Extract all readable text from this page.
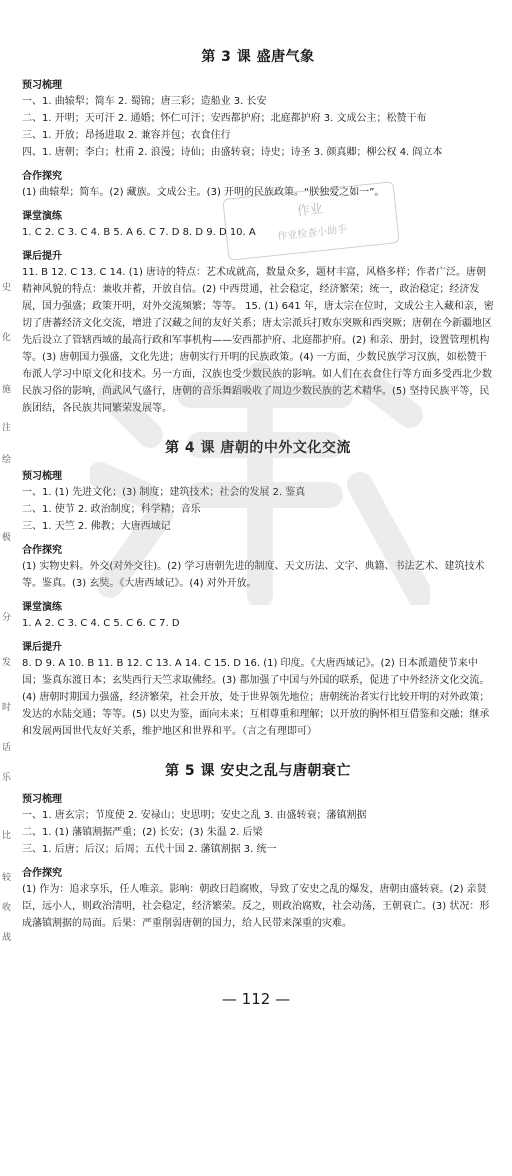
第 3 课 盛唐气象
预习梳理

一、1. 曲辕犁；简车 2. 蜀锦；唐三彩；造船业 3. 长安

二、1. 开明；天可汗 2. 通婚；怀仁可汗；安西都护府；北庭都护府 3. 文成公主；松赞干布

三、1. 开放；昂扬进取 2. 兼容并包；衣食住行

四、1. 唐朝；李白；杜甫 2. 浪漫；诗仙；由盛转衰；诗史；诗圣 3. 颜真卿；柳公权 4. 阎立本

合作探究

(1) 曲辕犁；简车。(2) 藏族。文成公主。(3) 开明的民族政策。“朕独爱之如一”。

课堂演练

1. C 2. C 3. C 4. B 5. A 6. C 7. D 8. D 9. D 10. A

课后提升

11. B 12. C 13. C 14. (1) 唐诗的特点：艺术成就高，数量众多，题材丰富，风格多样；作者广泛。唐朝精神风貌的特点：兼收并蓄，开放自信。(2) 中西贯通，社会稳定，经济繁荣；统一，政治稳定；经济发展，国力强盛；政策开明，对外交流频繁；等等。 15. (1) 641 年，唐太宗在位时，文成公主入藏和亲，密切了唐蕃经济文化交流，增进了汉藏之间的友好关系；唐太宗派兵打败东突厥和西突厥；唐朝在今新疆地区先后设立了管辖西域的最高行政和军事机构——安西都护府、北庭都护府。(2) 和亲、册封，设置管理机构等。(3) 唐朝国力强盛，文化先进；唐朝实行开明的民族政策。(4) 一方面，少数民族学习汉族，如松赞干布派人学习中原文化和技术。另一方面，汉族也受少数民族的影响。如人们在衣食住行等方面多受西北少数民族习俗的影响，尚武风气盛行，唐朝的音乐舞蹈吸收了周边少数民族的艺术精华。(5) 坚持民族平等，民族团结，各民族共同繁荣发展等。

第 4 课 唐朝的中外文化交流
预习梳理

一、1. (1) 先进文化；(3) 制度；建筑技术；社会的发展 2. 鉴真

二、1. 使节 2. 政治制度；科学精；音乐

三、1. 天竺 2. 佛教；大唐西域记

合作探究

(1) 实物史料。外交(对外交往)。(2) 学习唐朝先进的制度、天文历法、文字、典籍、书法艺术、建筑技术等。鉴真。(3) 玄奘。《大唐西域记》。(4) 对外开放。

课堂演练

1. A 2. C 3. C 4. C 5. C 6. C 7. D

课后提升

8. D 9. A 10. B 11. B 12. C 13. A 14. C 15. D 16. (1) 印度。《大唐西域记》。(2) 日本派遣使节来中国；鉴真东渡日本；玄奘西行天竺求取佛经。(3) 都加强了中国与外国的联系，促进了中外经济文化交流。(4) 唐朝时期国力强盛，经济繁荣，社会开放，处于世界领先地位；唐朝统治者实行比较开明的对外政策；发达的水陆交通；等等。(5) 以史为鉴，面向未来；互相尊重和理解；以开放的胸怀相互借鉴和交融；继承和发展两国世代友好关系，维护地区和世界和平。（言之有理即可）

第 5 课 安史之乱与唐朝衰亡
预习梳理

一、1. 唐玄宗；节度使 2. 安禄山；史思明；安史之乱 3. 由盛转衰；藩镇割据

二、1. (1) 藩镇割据严重；(2) 长安；(3) 朱温 2. 后梁

三、1. 后唐；后汉；后周；五代十国 2. 藩镇割据 3. 统一

合作探究

(1) 作为：追求享乐，任人唯亲。影响：朝政日趋腐败，导致了安史之乱的爆发，唐朝由盛转衰。(2) 亲贤臣，远小人，则政治清明，社会稳定，经济繁荣。反之，则政治腐败，社会动荡，王朝衰亡。(3) 状况：形成藩镇割据的局面。后果：严重削弱唐朝的国力，给人民带来深重的灾难。

作业
作业检查小助手
史
化
施
注
绘
极
分
发
时
话
乐
比
较
收
战
— 112 —
